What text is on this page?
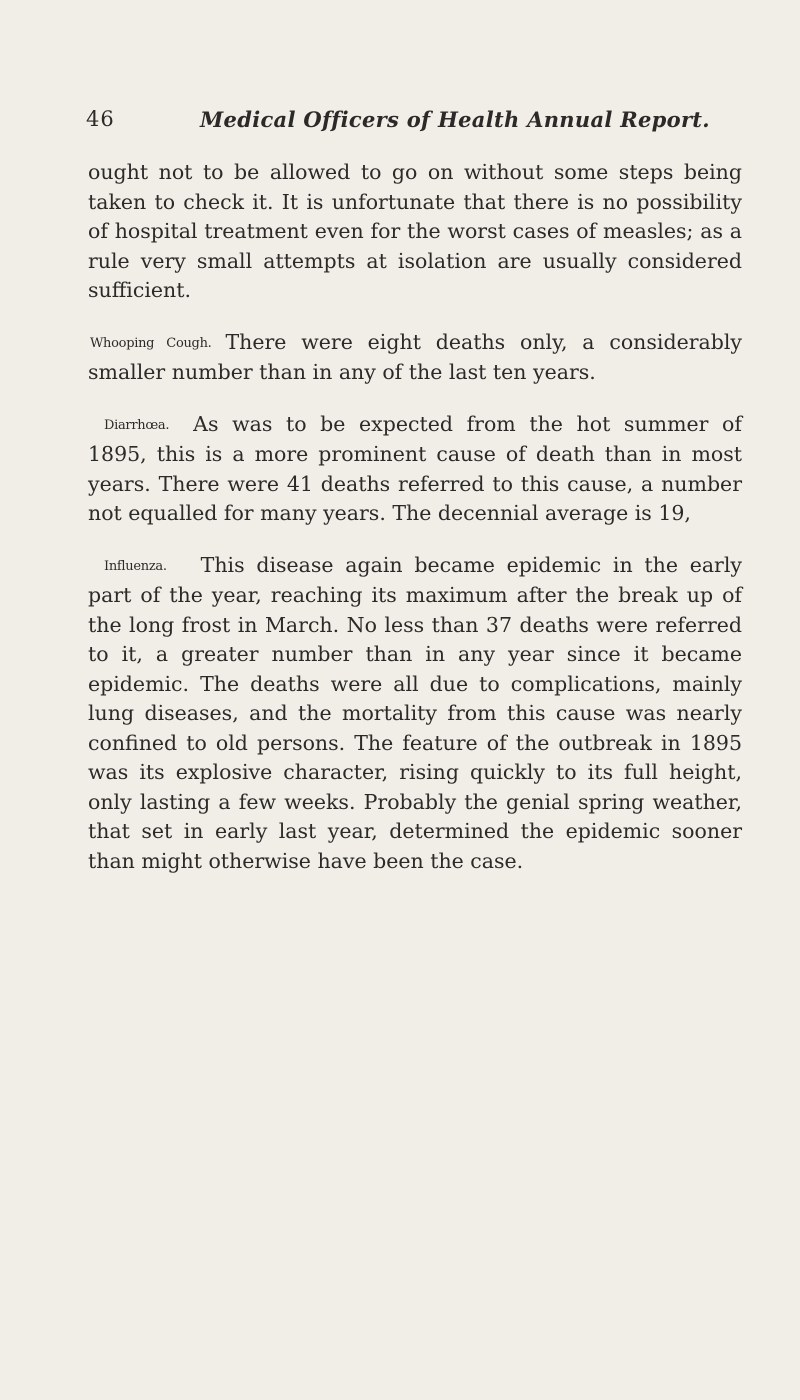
46	Medical Officers of Health Annual Report.

ought not to be allowed to go on without some steps being taken to check it. It is unfortunate that there is no possibility of hospital treatment even for the worst cases of measles; as a rule very small attempts at isolation are usually considered sufficient.

Whooping Cough. There were eight deaths only, a considerably smaller number than in any of the last ten years.

Diarrhœa. As was to be expected from the hot summer of 1895, this is a more prominent cause of death than in most years. There were 41 deaths referred to this cause, a number not equalled for many years. The decennial average is 19,

Influenza. This disease again became epidemic in the early part of the year, reaching its maximum after the break up of the long frost in March. No less than 37 deaths were referred to it, a greater number than in any year since it became epidemic. The deaths were all due to complications, mainly lung diseases, and the mortality from this cause was nearly confined to old persons. The feature of the outbreak in 1895 was its explosive character, rising quickly to its full height, only lasting a few weeks. Probably the genial spring weather, that set in early last year, determined the epidemic sooner than might otherwise have been the case.
